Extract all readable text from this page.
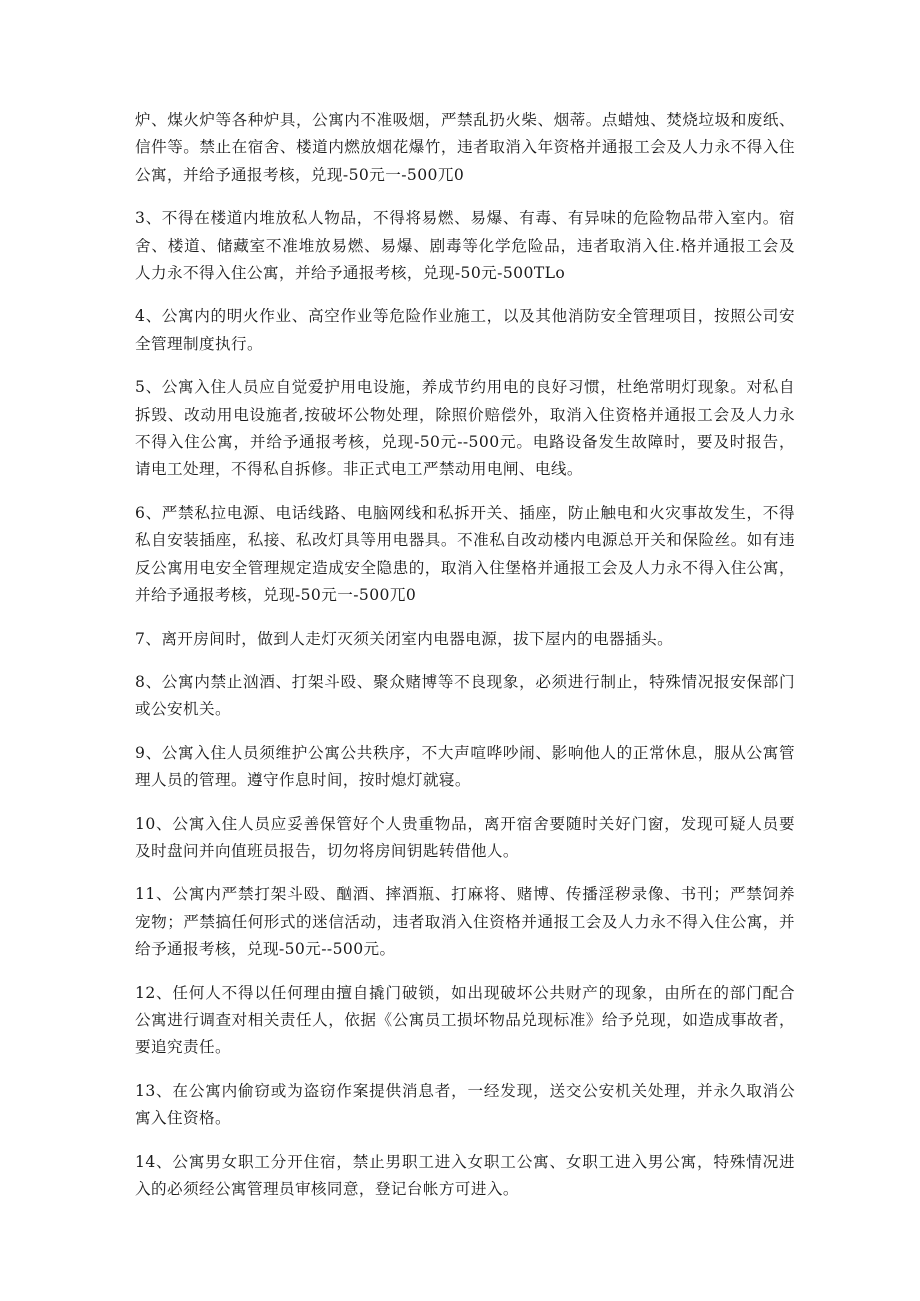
炉、煤火炉等各种炉具，公寓内不准吸烟，严禁乱扔火柴、烟蒂。点蜡烛、焚烧垃圾和废纸、信件等。禁止在宿舍、楼道内燃放烟花爆竹，违者取消入年资格并通报工会及人力永不得入住公寓，并给予通报考核，兑现-50元一-500兀0

3、不得在楼道内堆放私人物品，不得将易燃、易爆、有毒、有异味的危险物品带入室内。宿舍、楼道、储藏室不准堆放易燃、易爆、剧毒等化学危险品，违者取消入住.格并通报工会及人力永不得入住公寓，并给予通报考核，兑现-50元-500TLo

4、公寓内的明火作业、高空作业等危险作业施工，以及其他消防安全管理项目，按照公司安全管理制度执行。

5、公寓入住人员应自觉爱护用电设施，养成节约用电的良好习惯，杜绝常明灯现象。对私自拆毁、改动用电设施者,按破坏公物处理，除照价赔偿外，取消入住资格并通报工会及人力永不得入住公寓，并给予通报考核，兑现-50元--500元。电路设备发生故障时，要及时报告，请电工处理，不得私自拆修。非正式电工严禁动用电闸、电线。

6、严禁私拉电源、电话线路、电脑网线和私拆开关、插座，防止触电和火灾事故发生，不得私自安装插座，私接、私改灯具等用电器具。不准私自改动楼内电源总开关和保险丝。如有违反公寓用电安全管理规定造成安全隐患的，取消入住堡格并通报工会及人力永不得入住公寓，并给予通报考核，兑现-50元一-500兀0

7、离开房间时，做到人走灯灭须关闭室内电器电源，拔下屋内的电器插头。

8、公寓内禁止汹酒、打架斗殴、聚众赌博等不良现象，必须进行制止，特殊情况报安保部门或公安机关。

9、公寓入住人员须维护公寓公共秩序，不大声喧哗吵闹、影响他人的正常休息，服从公寓管理人员的管理。遵守作息时间，按时熄灯就寝。

10、公寓入住人员应妥善保管好个人贵重物品，离开宿舍要随时关好门窗，发现可疑人员要及时盘问并向值班员报告，切勿将房间钥匙转借他人。

11、公寓内严禁打架斗殴、酗酒、摔酒瓶、打麻将、赌博、传播淫秽录像、书刊；严禁饲养宠物；严禁搞任何形式的迷信活动，违者取消入住资格并通报工会及人力永不得入住公寓，并给予通报考核，兑现-50元--500元。

12、任何人不得以任何理由擅自撬门破锁，如出现破坏公共财产的现象，由所在的部门配合公寓进行调查对相关责任人，依据《公寓员工损坏物品兑现标准》给予兑现，如造成事故者，要追究责任。

13、在公寓内偷窃或为盗窃作案提供消息者，一经发现，送交公安机关处理，并永久取消公寓入住资格。

14、公寓男女职工分开住宿，禁止男职工进入女职工公寓、女职工进入男公寓，特殊情况进入的必须经公寓管理员审核同意，登记台帐方可进入。
